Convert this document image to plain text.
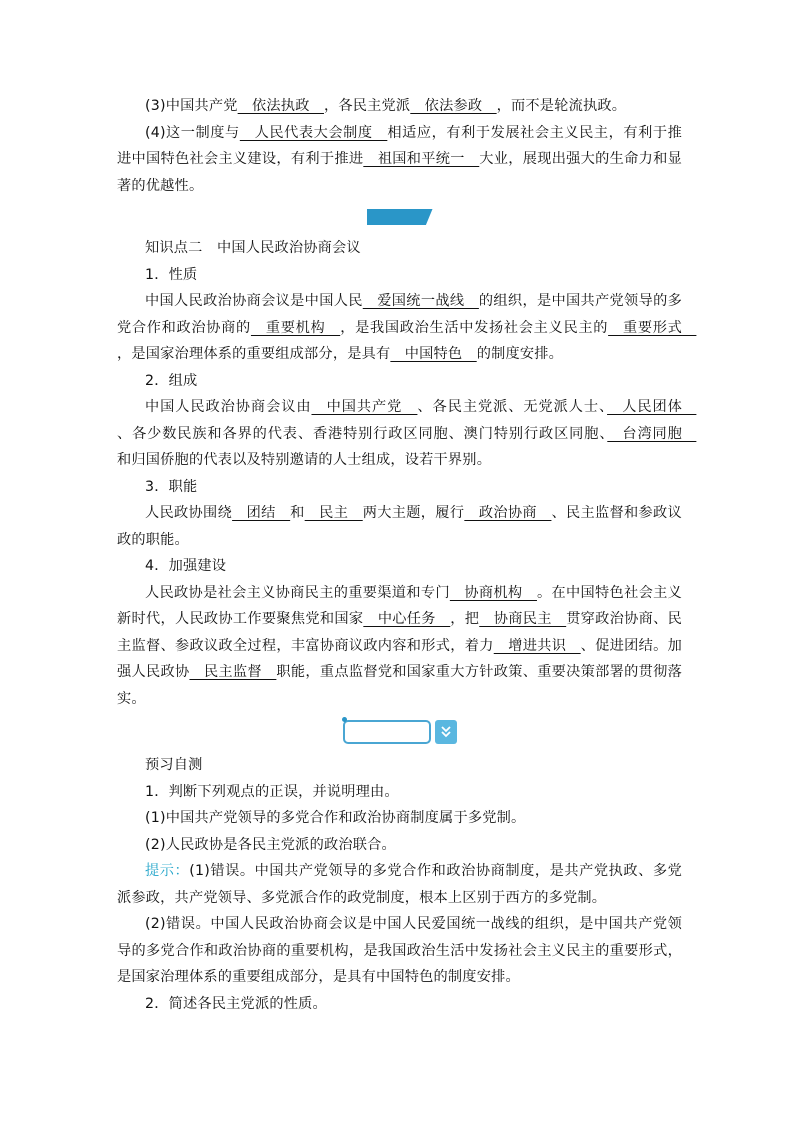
(3)中国共产党　依法执政　，各民主党派　依法参政　，而不是轮流执政。

(4)这一制度与　人民代表大会制度　相适应，有利于发展社会主义民主，有利于推进中国特色社会主义建设，有利于推进　祖国和平统一　大业，展现出强大的生命力和显著的优越性。

知识点二　中国人民政治协商会议

1．性质

中国人民政治协商会议是中国人民　爱国统一战线　的组织，是中国共产党领导的多党合作和政治协商的　重要机构　，是我国政治生活中发扬社会主义民主的　重要形式　，是国家治理体系的重要组成部分，是具有　中国特色　的制度安排。

2．组成

中国人民政治协商会议由　中国共产党　、各民主党派、无党派人士、　人民团体　、各少数民族和各界的代表、香港特别行政区同胞、澳门特别行政区同胞、　台湾同胞　和归国侨胞的代表以及特别邀请的人士组成，设若干界别。

3．职能

人民政协围绕　团结　和　民主　两大主题，履行　政治协商　、民主监督和参政议政的职能。

4．加强建设

人民政协是社会主义协商民主的重要渠道和专门　协商机构　。在中国特色社会主义新时代，人民政协工作要聚焦党和国家　中心任务　，把　协商民主　贯穿政治协商、民主监督、参政议政全过程，丰富协商议政内容和形式，着力　增进共识　、促进团结。加强人民政协　民主监督　职能，重点监督党和国家重大方针政策、重要决策部署的贯彻落实。

预习自测

1．判断下列观点的正误，并说明理由。

(1)中国共产党领导的多党合作和政治协商制度属于多党制。

(2)人民政协是各民主党派的政治联合。

提示：(1)错误。中国共产党领导的多党合作和政治协商制度，是共产党执政、多党派参政，共产党领导、多党派合作的政党制度，根本上区别于西方的多党制。

(2)错误。中国人民政治协商会议是中国人民爱国统一战线的组织，是中国共产党领导的多党合作和政治协商的重要机构，是我国政治生活中发扬社会主义民主的重要形式，是国家治理体系的重要组成部分，是具有中国特色的制度安排。

2．简述各民主党派的性质。
